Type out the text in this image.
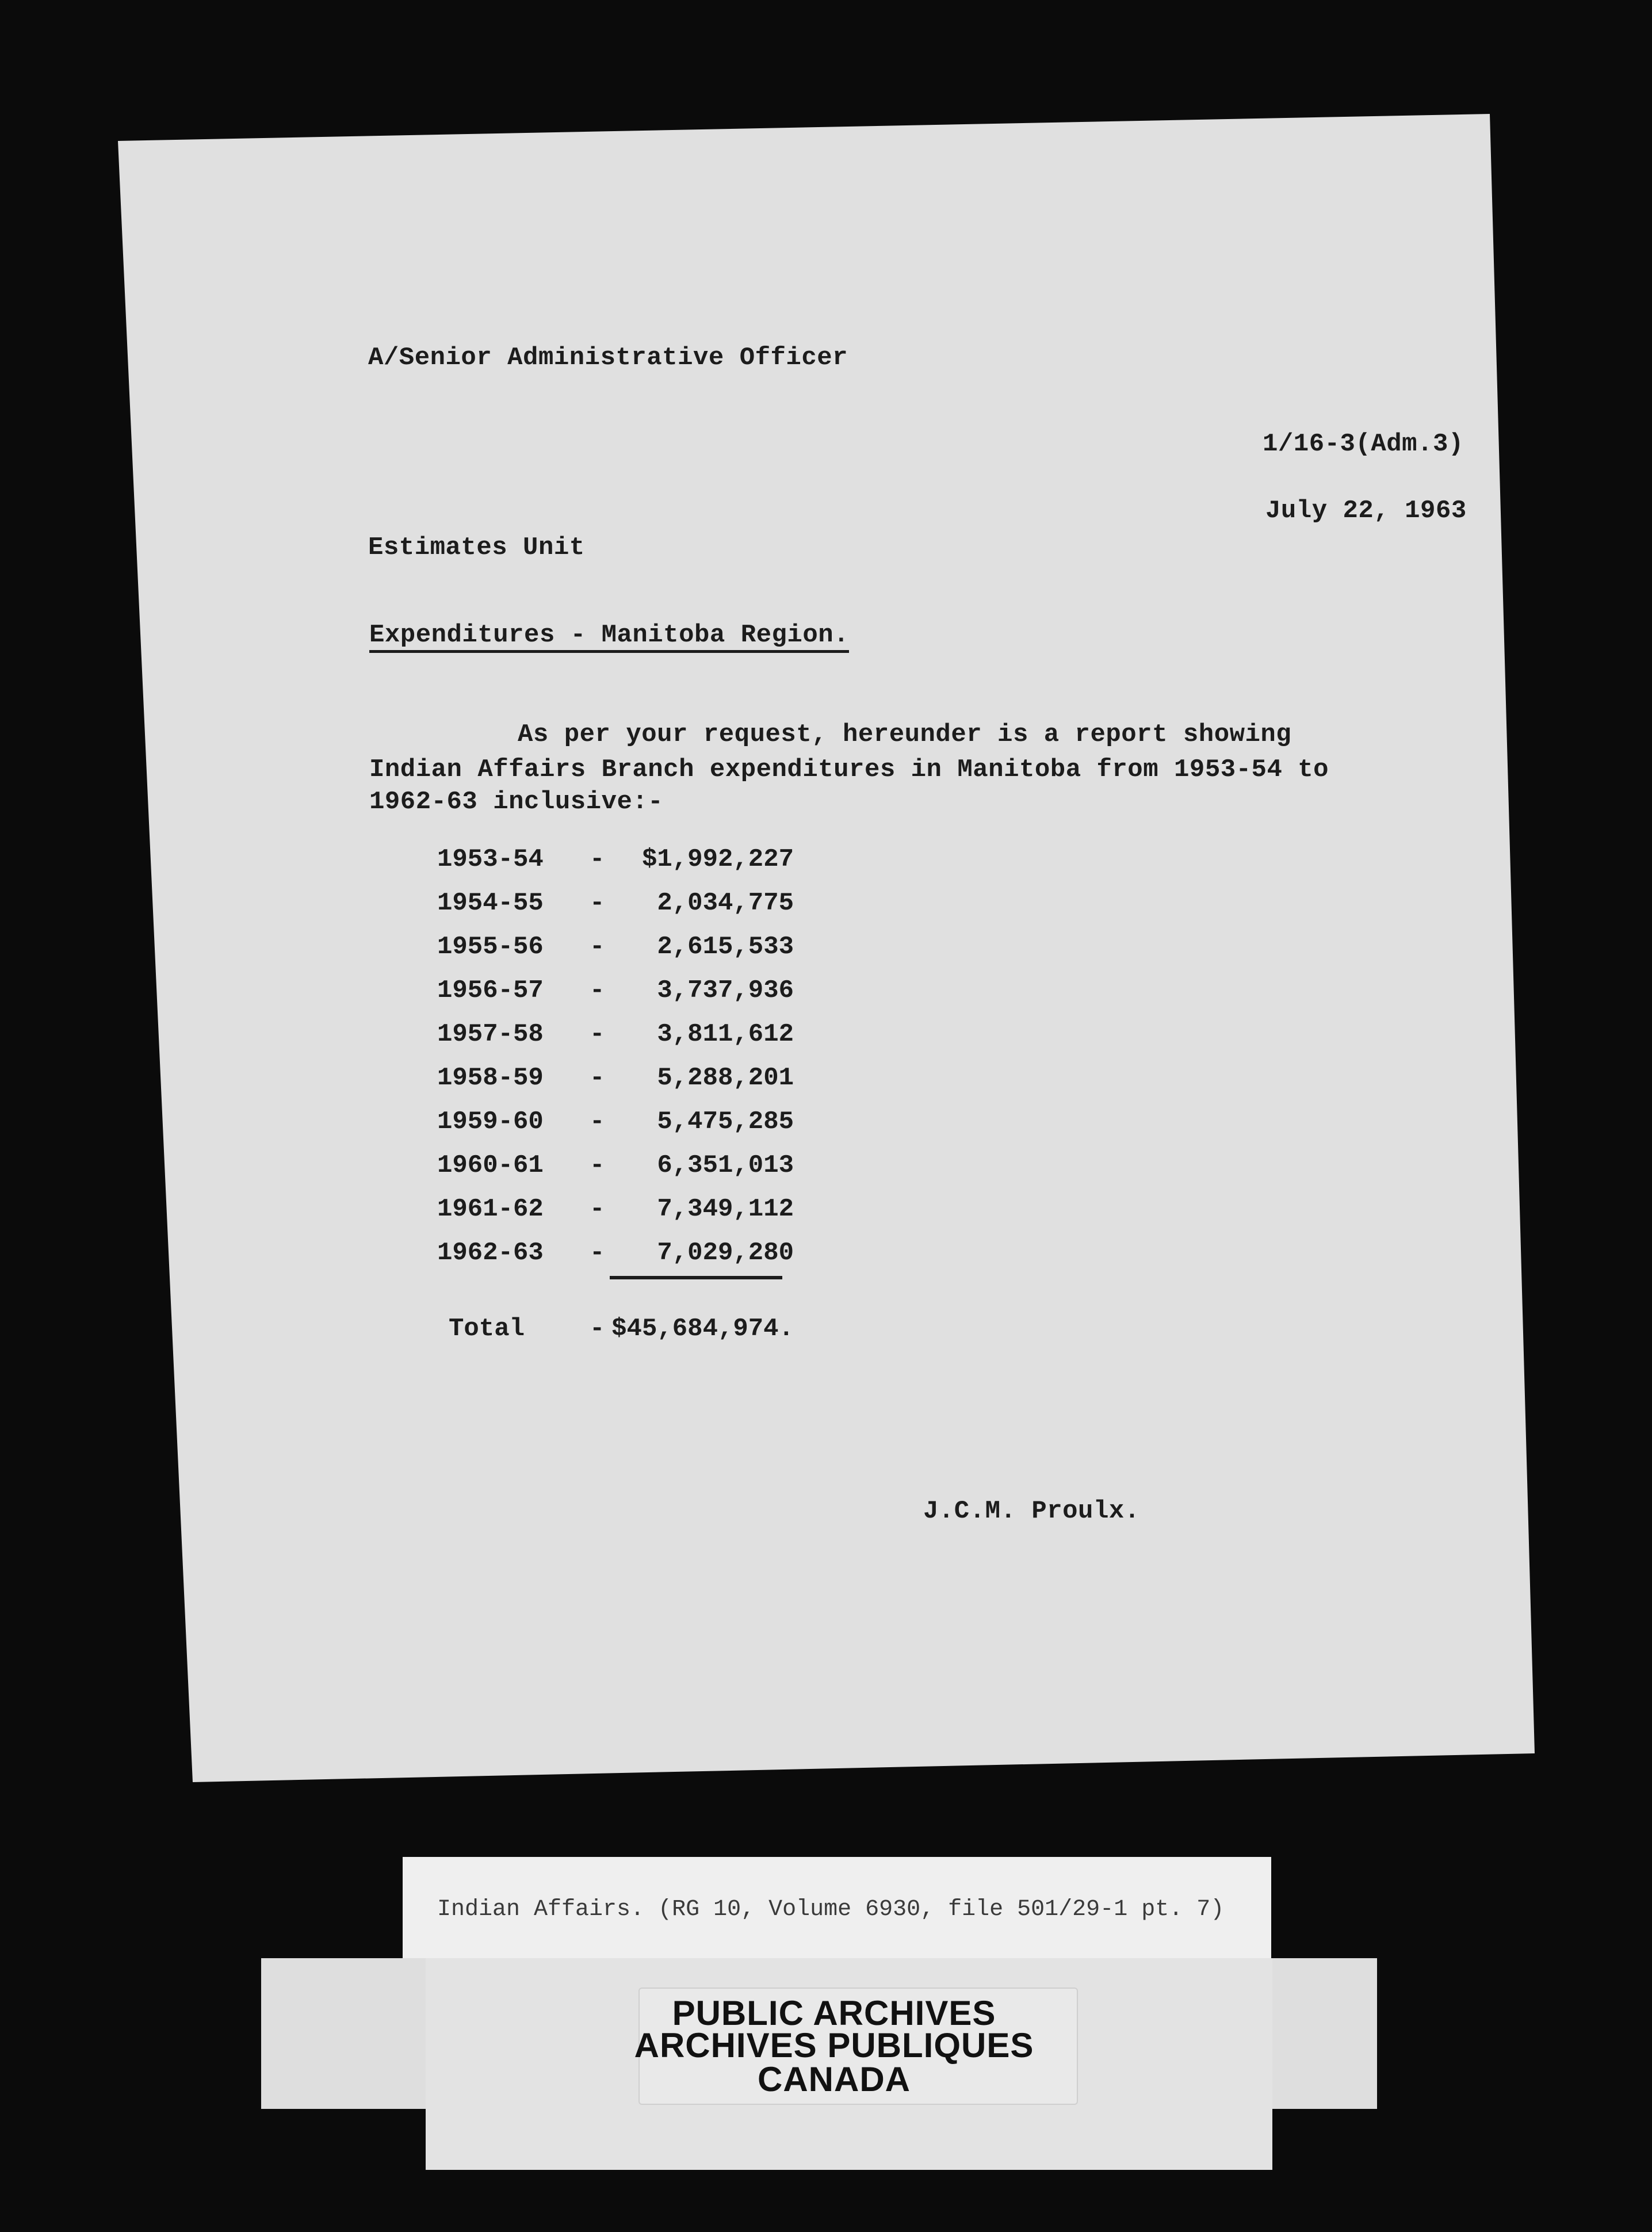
A/Senior Administrative Officer

1/16-3(Adm.3)

July 22, 1963

Estimates Unit

Expenditures - Manitoba Region.

As per your request, hereunder is a report showing

Indian Affairs Branch expenditures in Manitoba from 1953-54 to

1962-63 inclusive:-

1953-54 - $1,992,227
1954-55 - 2,034,775
1955-56 - 2,615,533
1956-57 - 3,737,936
1957-58 - 3,811,612
1958-59 - 5,288,201
1959-60 - 5,475,285
1960-61 - 6,351,013
1961-62 - 7,349,112
1962-63 - 7,029,280
Total	- $45,684,974.

J.C.M. Proulx.

Indian Affairs. (RG 10, Volume 6930, file 501/29-1 pt. 7)

PUBLIC ARCHIVES

ARCHIVES PUBLIQUES

CANADA
